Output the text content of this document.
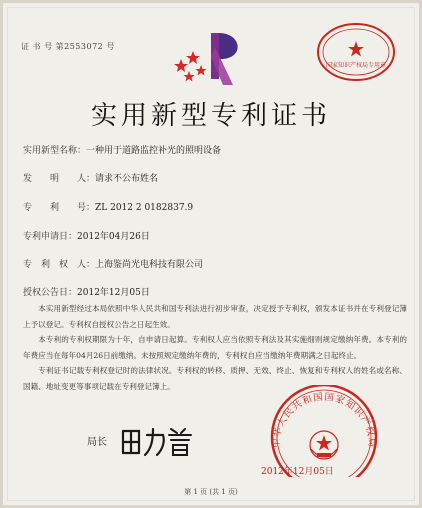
证 书 号 第2553072 号
国家知识产权局专用章
实用新型专利证书
实用新型名称：一种用于道路监控补光的照明设备
发　　明　　人：请求不公布姓名
专　　利　　号：ZL 2012 2 0182837.9
专利申请日：2012年04月26日
专　利　权　人：上海鉴尚光电科技有限公司
授权公告日：2012年12月05日

本实用新型经过本局依照中华人民共和国专利法进行初步审查，决定授予专利权，颁发本证书并在专利登记簿上予以登记。专利权自授权公告之日起生效。

本专利的专利权期限为十年，自申请日起算。专利权人应当依照专利法及其实施细则规定缴纳年费。本专利的年费应当在每年04月26日前缴纳。未按照规定缴纳年费的，专利权自应当缴纳年费期满之日起终止。

专利证书记载专利权登记时的法律状况。专利权的转移、质押、无效、终止、恢复和专利权人的姓名或名称、国籍、地址变更等事项记载在专利登记簿上。

局长	中华人民共和国国家知识产权局
2012年12月05日
第 1 页 (共 1 页)
